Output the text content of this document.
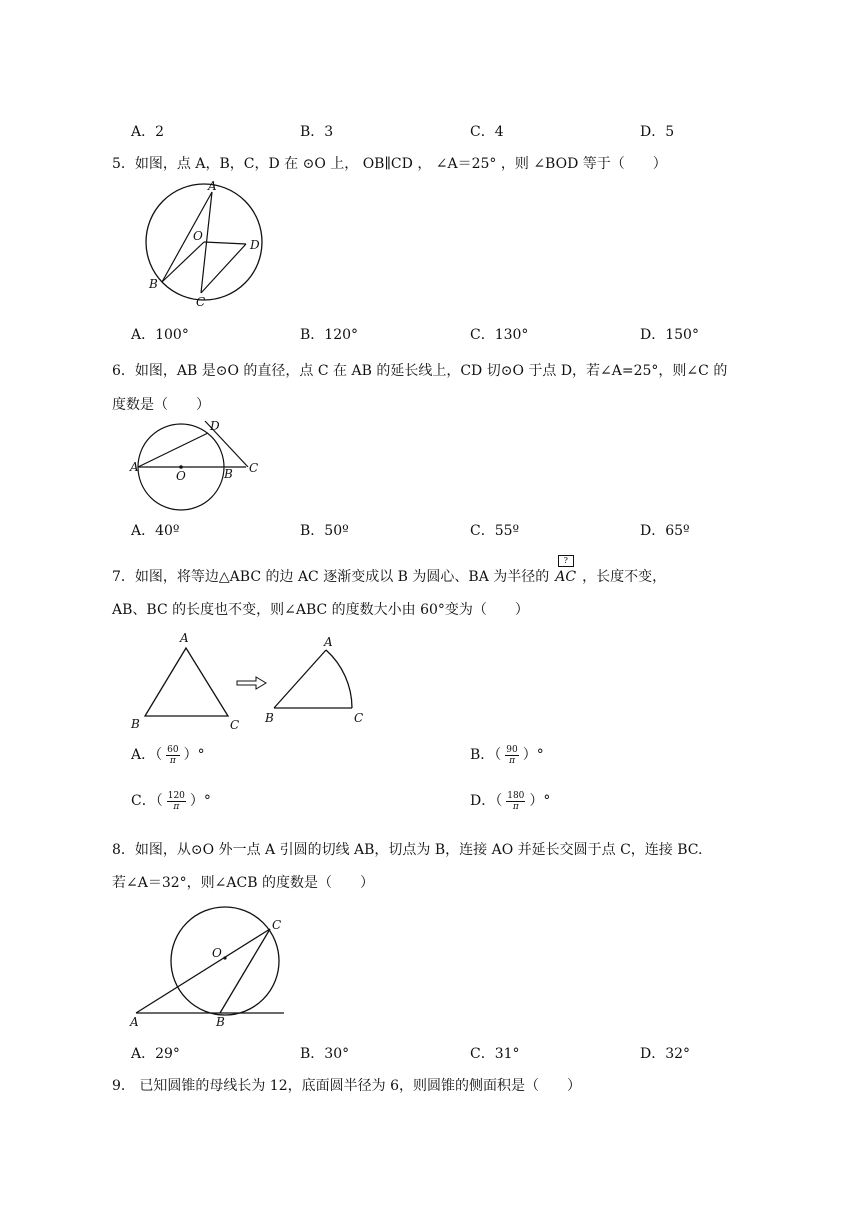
A．2	B．3	C．4	D．5
5．如图，点 A，B，C，D 在 ⊙O 上， OB∥CD ， ∠A＝25° ，则 ∠BOD 等于（　　）
A
O
D
B
C
A．100°	B．120°	C．130°	D．150°
6．如图，AB 是⊙O 的直径，点 C 在 AB 的延长线上，CD 切⊙O 于点 D，若∠A=25°，则∠C 的
度数是（　　）
D
A
O	B C
A．40º	B．50º	C．55º	D．65º
7．如图，将等边△ABC 的边 AC 逐渐变成以 B 为圆心、BA 为半径的
?
AC ，长度不变，
AB、BC 的长度也不变，则∠ABC 的度数大小由 60°变为（　　）
A
B	C
A
B	C
A．（ $\frac{60}{\pi}$ ）°	B．（ $\frac{90}{\pi}$ ）°
C．（ $\frac{120}{\pi}$ ）°	D．（ $\frac{180}{\pi}$ ）°
8．如图，从⊙O 外一点 A 引圆的切线 AB，切点为 B，连接 AO 并延长交圆于点 C，连接 BC.
若∠A＝32°，则∠ACB 的度数是（　　）
C
O
A	B
A．29°	B．30°	C．31°	D．32°
9． 已知圆锥的母线长为 12，底面圆半径为 6，则圆锥的侧面积是（　　）
